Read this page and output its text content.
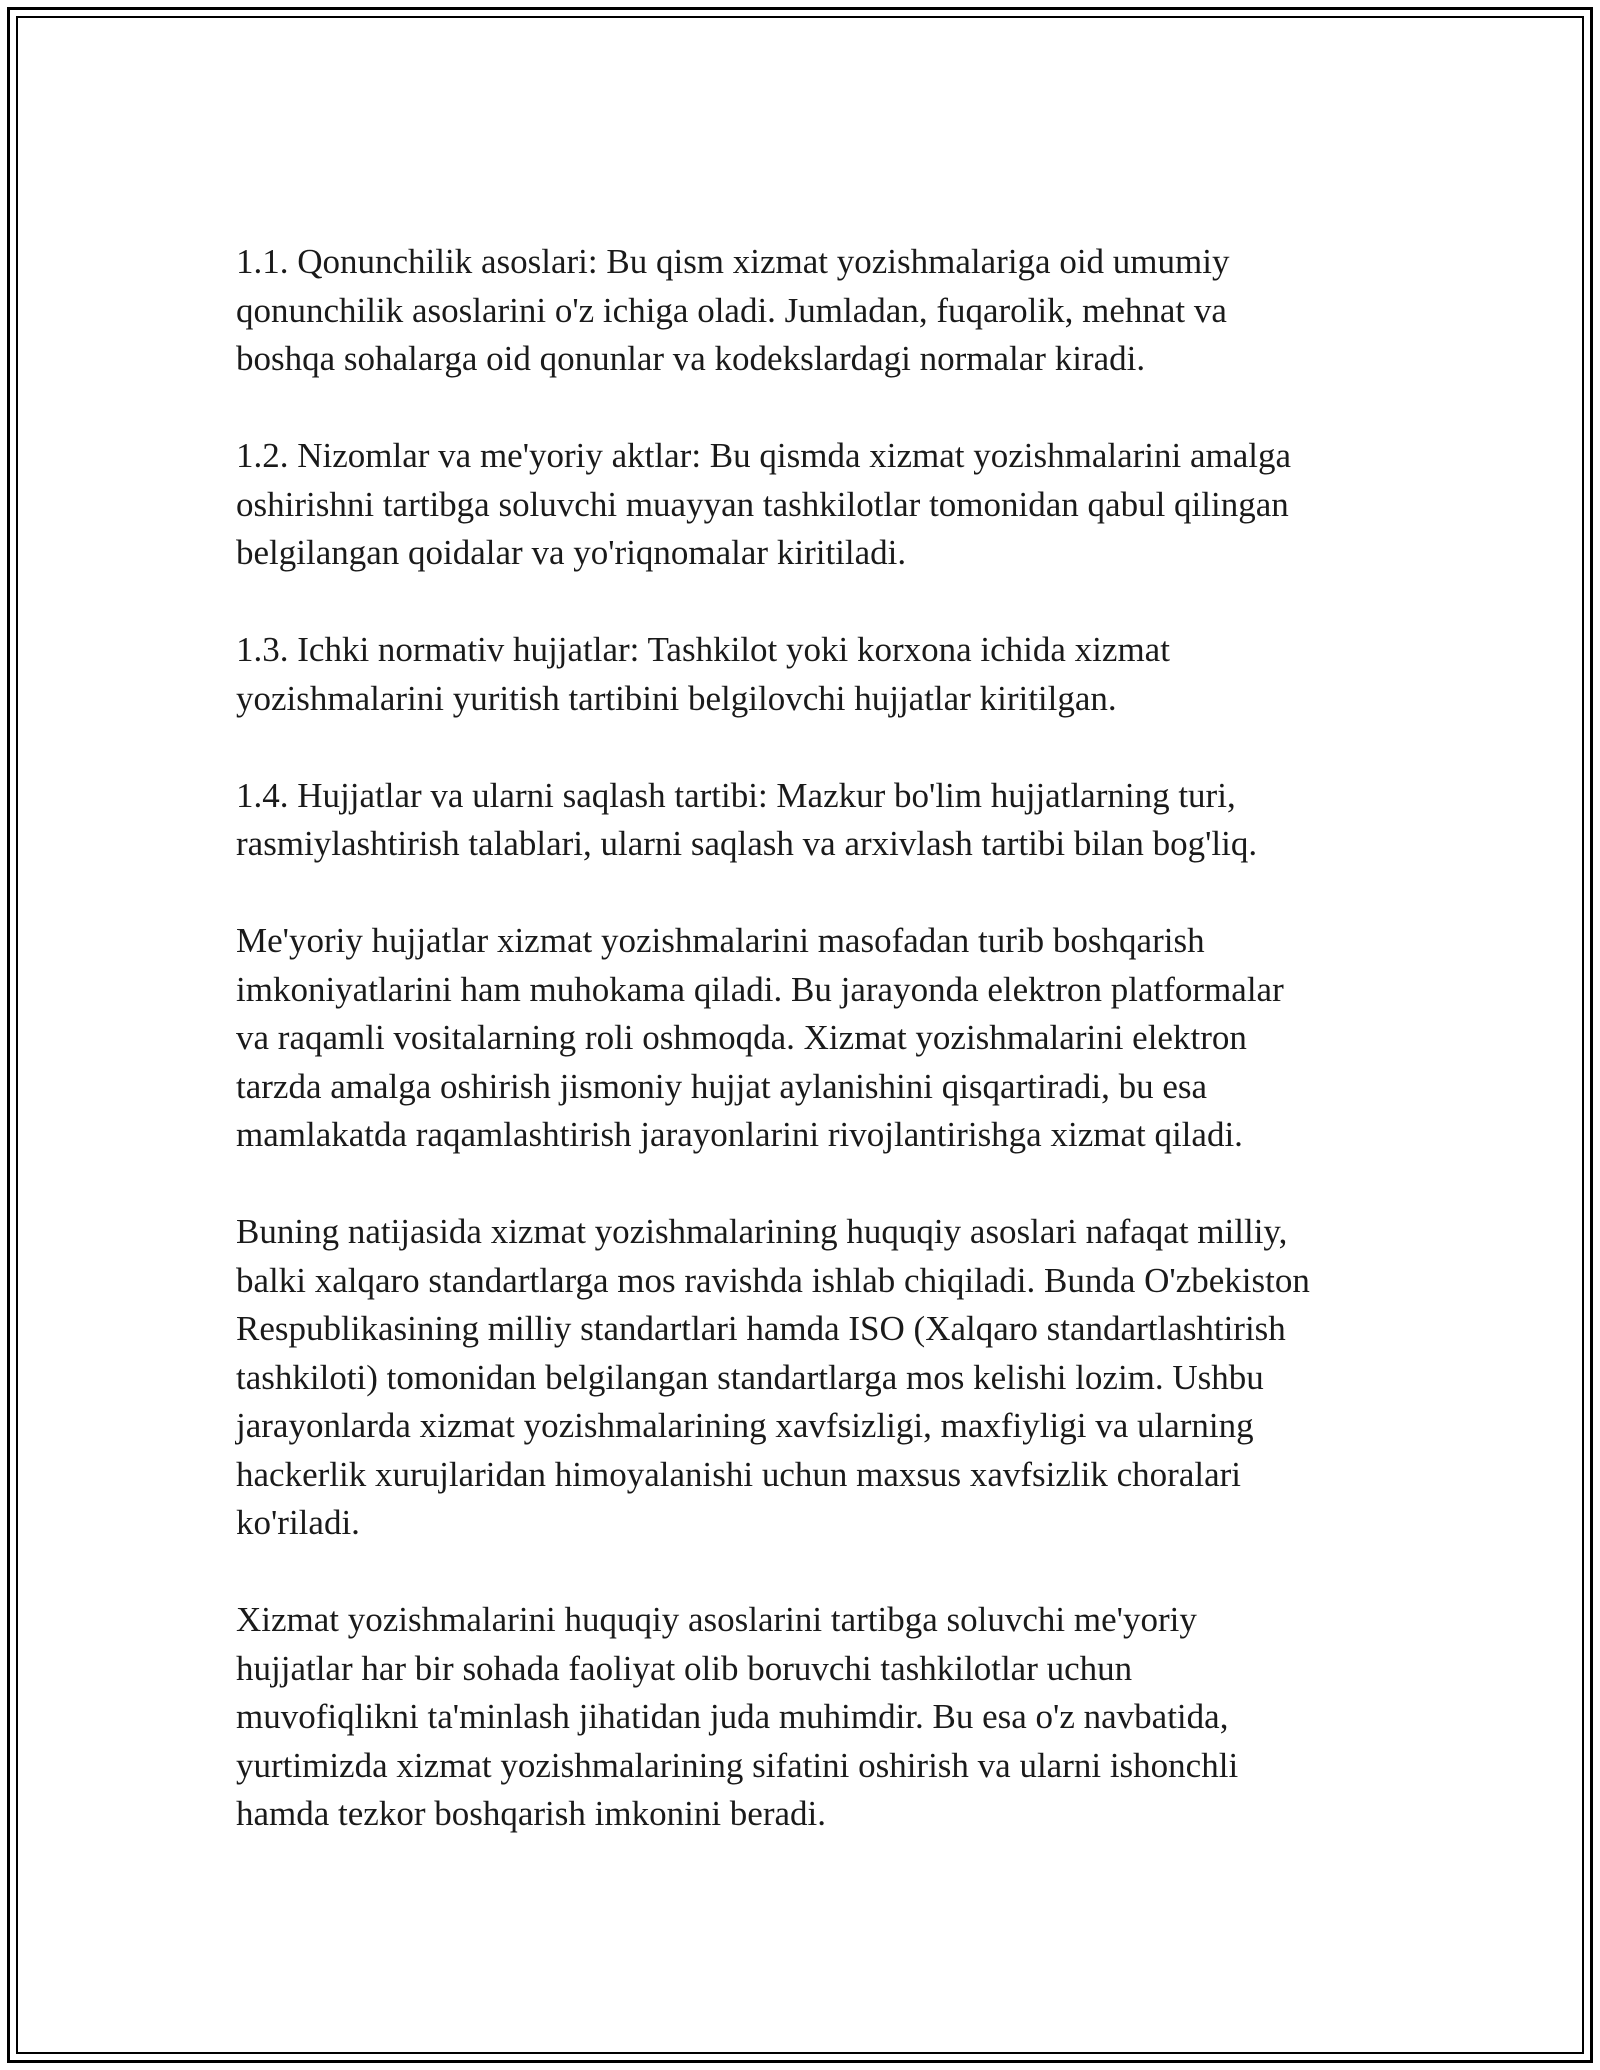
1.1. Qonunchilik asoslari: Bu qism xizmat yozishmalariga oid umumiy
qonunchilik asoslarini o'z ichiga oladi. Jumladan, fuqarolik, mehnat va
boshqa sohalarga oid qonunlar va kodekslardagi normalar kiradi.

1.2. Nizomlar va me'yoriy aktlar: Bu qismda xizmat yozishmalarini amalga
oshirishni tartibga soluvchi muayyan tashkilotlar tomonidan qabul qilingan
belgilangan qoidalar va yo'riqnomalar kiritiladi.

1.3. Ichki normativ hujjatlar: Tashkilot yoki korxona ichida xizmat
yozishmalarini yuritish tartibini belgilovchi hujjatlar kiritilgan.

1.4. Hujjatlar va ularni saqlash tartibi: Mazkur bo'lim hujjatlarning turi,
rasmiylashtirish talablari, ularni saqlash va arxivlash tartibi bilan bog'liq.

Me'yoriy hujjatlar xizmat yozishmalarini masofadan turib boshqarish
imkoniyatlarini ham muhokama qiladi. Bu jarayonda elektron platformalar
va raqamli vositalarning roli oshmoqda. Xizmat yozishmalarini elektron
tarzda amalga oshirish jismoniy hujjat aylanishini qisqartiradi, bu esa
mamlakatda raqamlashtirish jarayonlarini rivojlantirishga xizmat qiladi.

Buning natijasida xizmat yozishmalarining huquqiy asoslari nafaqat milliy,
balki xalqaro standartlarga mos ravishda ishlab chiqiladi. Bunda O'zbekiston
Respublikasining milliy standartlari hamda ISO (Xalqaro standartlashtirish
tashkiloti) tomonidan belgilangan standartlarga mos kelishi lozim. Ushbu
jarayonlarda xizmat yozishmalarining xavfsizligi, maxfiyligi va ularning
hackerlik xurujlaridan himoyalanishi uchun maxsus xavfsizlik choralari
ko'riladi.

Xizmat yozishmalarini huquqiy asoslarini tartibga soluvchi me'yoriy
hujjatlar har bir sohada faoliyat olib boruvchi tashkilotlar uchun
muvofiqlikni ta'minlash jihatidan juda muhimdir. Bu esa o'z navbatida,
yurtimizda xizmat yozishmalarining sifatini oshirish va ularni ishonchli
hamda tezkor boshqarish imkonini beradi.
